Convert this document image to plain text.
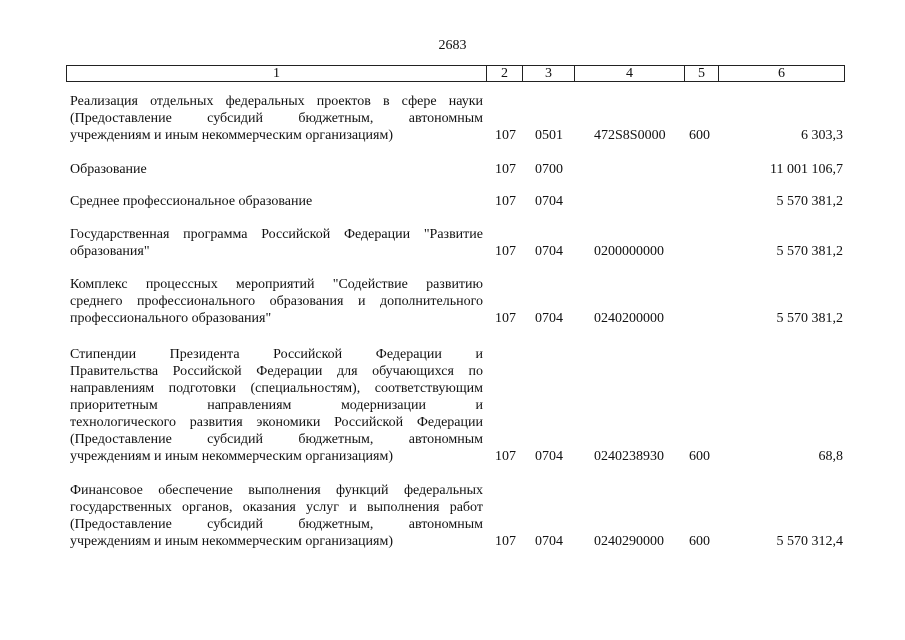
2683
1	2	3	4	5	6
Реализация отдельных федеральных проектов в сфере науки
(Предоставление субсидий бюджетным, автономным
учреждениям и иным некоммерческим организациям)	107 0501 472S8S0000 600	6 303,3
Образование	107 0700	11 001 106,7
Среднее профессиональное образование	107 0704	5 570 381,2
Государственная программа Российской Федерации "Развитие
образования"	107 0704 0200000000	5 570 381,2
Комплекс процессных мероприятий "Содействие развитию
среднего профессионального образования и дополнительного
профессионального образования"	107 0704 0240200000	5 570 381,2
Стипендии Президента Российской Федерации и
Правительства Российской Федерации для обучающихся по
направлениям подготовки (специальностям), соответствующим
приоритетным направлениям модернизации и
технологического развития экономики Российской Федерации
(Предоставление субсидий бюджетным, автономным
учреждениям и иным некоммерческим организациям)	107 0704 0240238930 600	68,8
Финансовое обеспечение выполнения функций федеральных
государственных органов, оказания услуг и выполнения работ
(Предоставление субсидий бюджетным, автономным
учреждениям и иным некоммерческим организациям)	107 0704 0240290000 600	5 570 312,4
